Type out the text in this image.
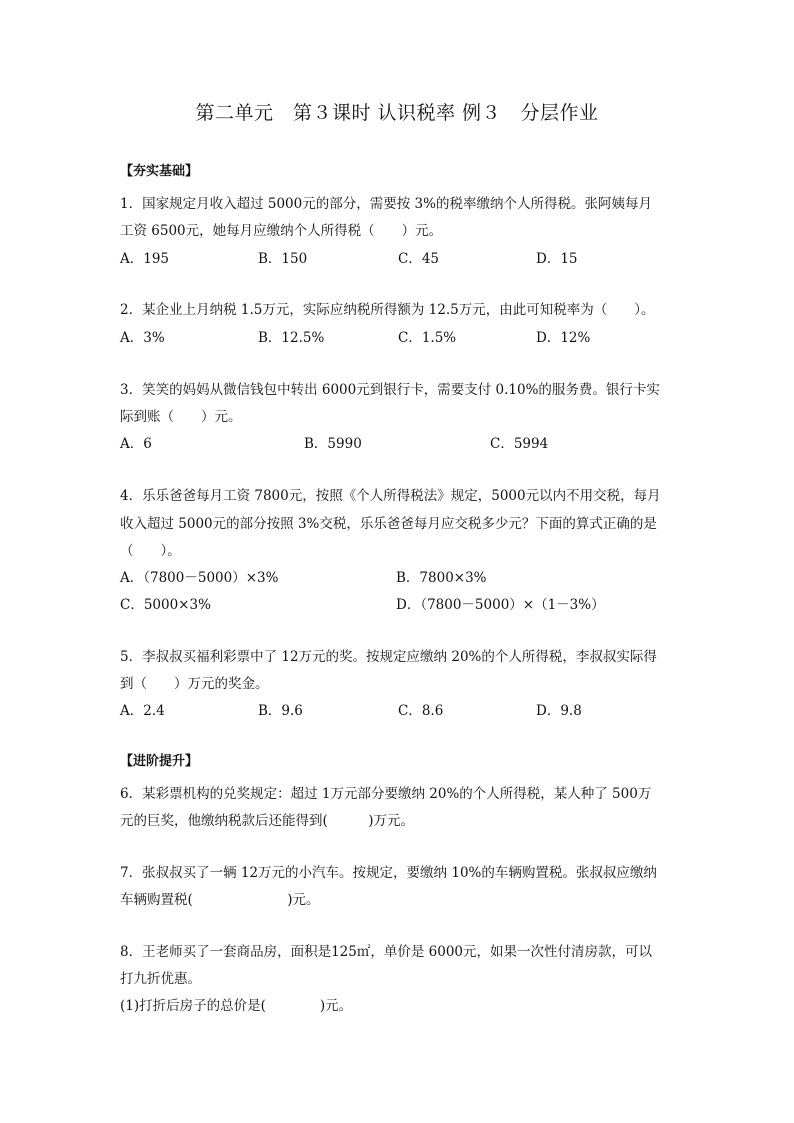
第二单元　第３课时 认识税率 例３　分层作业
【夯实基础】
1．国家规定月收入超过 5000元的部分，需要按 3%的税率缴纳个人所得税。张阿姨每月
工资 6500元，她每月应缴纳个人所得税（　　）元。
A．195	B．150	C．45	D．15
2．某企业上月纳税 1.5万元，实际应纳税所得额为 12.5万元，由此可知税率为（　　）。
A．3%	B．12.5%	C．1.5%	D．12%
3．笑笑的妈妈从微信钱包中转出 6000元到银行卡，需要支付 0.10%的服务费。银行卡实
际到账（　　）元。
A．6	B．5990	C．5994
4．乐乐爸爸每月工资 7800元，按照《个人所得税法》规定，5000元以内不用交税，每月
收入超过 5000元的部分按照 3%交税，乐乐爸爸每月应交税多少元？下面的算式正确的是
（　　）。
A．（7800－5000）×3%	B．7800×3%
C．5000×3%	D．（7800－5000）×（1－3%）
5．李叔叔买福利彩票中了 12万元的奖。按规定应缴纳 20%的个人所得税，李叔叔实际得
到（　　）万元的奖金。
A．2.4	B．9.6	C．8.6	D．9.8
【进阶提升】
6．某彩票机构的兑奖规定：超过 1万元部分要缴纳 20%的个人所得税，某人种了 500万
元的巨奖，他缴纳税款后还能得到(　　　)万元。
7．张叔叔买了一辆 12万元的小汽车。按规定，要缴纳 10%的车辆购置税。张叔叔应缴纳
车辆购置税(　　　　　　　)元。
8．王老师买了一套商品房，面积是125㎡，单价是 6000元，如果一次性付清房款，可以
打九折优惠。
(1)打折后房子的总价是(　　　　)元。
